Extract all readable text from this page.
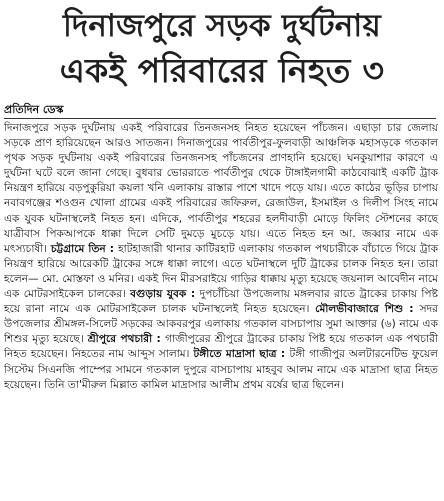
দিনাজপুরে সড়ক দুর্ঘটনায়
একই পরিবারের নিহত ৩
প্রতিদিন ডেস্ক

দিনাজপুরে সড়ক দুর্ঘটনায় একই পরিবারের তিনজনসহ নিহত হয়েছেন পাঁচজন। এছাড়া চার জেলায় সড়কে প্রাণ হারিয়েছেন আরও সাতজন। দিনাজপুরের পার্বতীপুর-ফুলবাড়ী আঞ্চলিক মহাসড়কে গতকাল পৃথক সড়ক দুর্ঘটনায় একই পরিবারের তিনজনসহ পাঁচজনের প্রাণহানি হয়েছে। ঘনকুয়াশার কারণে এ দুর্ঘটনা ঘটে বলে জানা গেছে। বুধবার ভোররাতে পার্বতীপুর থেকে টাঙ্গাইলগামী কাঠবোঝাই একটি ট্রাক নিয়ন্ত্রণ হারিয়ে বড়পুকুরিয়া কয়লা খনি এলাকায় রাস্তার পাশে খাদে পড়ে যায়। এতে কাঠের ভূড়ির চাপায় নবাবগঞ্জের শওগুন খোলা গ্রামের একই পরিবারের জফিরুল, রেজাউল, ইসমাইল ও দিলীপ সিংহ নামে এক যুবক ঘটনাস্থলেই নিহত হন। এদিকে, পার্বতীপুর শহরের হলদীবাড়ী মোড়ে ফিলিং স্টেশনের কাছে যাত্রীবাস পিকআপকে ধাক্কা দিলে সেটি দুমড়ে মুচড়ে যায়। এতে নিহত হন আ. জব্বার নামে এক মৎস্যচাষী। চট্টগ্রামে তিন : হাটহাজারী থানার কাটিরহাট এলাকায় গতকাল পথচারীকে বাঁচাতে গিয়ে ট্রাক নিয়ন্ত্রণ হারিয়ে আরেকটি ট্রাকের সঙ্গে ধাক্কা লাগে। এতে ঘটনাস্থলে দুটি ট্রাকের চালক নিহত হন। তারা হলেন— মো. মোস্তফা ও মনির। একই দিন মীরসরাইয়ে গাড়ির ধাক্কায় মৃত্যু হয়েছে জয়নাল আবেদীন নামে এক মোটরসাইকেল চালকের। বগুড়ায় যুবক : দুপচাঁচিয়া উপজেলায় মঙ্গলবার রাতে ট্রাকের চাকায় পিষ্ট হয়ে রানা নামে এক মোটরসাইকেল চালক ঘটনাস্থলেই নিহত হয়েছেন। মৌলভীবাজারে শিশু : সদর উপজেলার শ্রীমঙ্গল-সিলেট সড়কের আকবরপুর এলাকায় গতকাল বাসচাপায় সুমা আক্তার (৬) নামে এক শিশুর মৃত্যু হয়েছে। শ্রীপুরে পথচারী : গাজীপুরের শ্রীপুরে ট্রাকের চাকায় পিষ্ট হয়ে গতকাল এক পথচারী নিহত হয়েছেন। নিহতের নাম আব্দুস সালাম। টঙ্গীতে মাদ্রাসা ছাত্র : টঙ্গী গাজীপুর অলটারনেটিভ ফুয়েল সিস্টেম সিএনজি পাম্পের সামনে গতকাল দুপুরে বাসচাপায় মাহবুব আলম নামে এক মাদ্রাসা ছাত্র নিহত হয়েছেন। তিনি তা'মীরুল মিল্লাত কামিল মাদ্রাসার আলীম প্রথম বর্ষের ছাত্র ছিলেন।
